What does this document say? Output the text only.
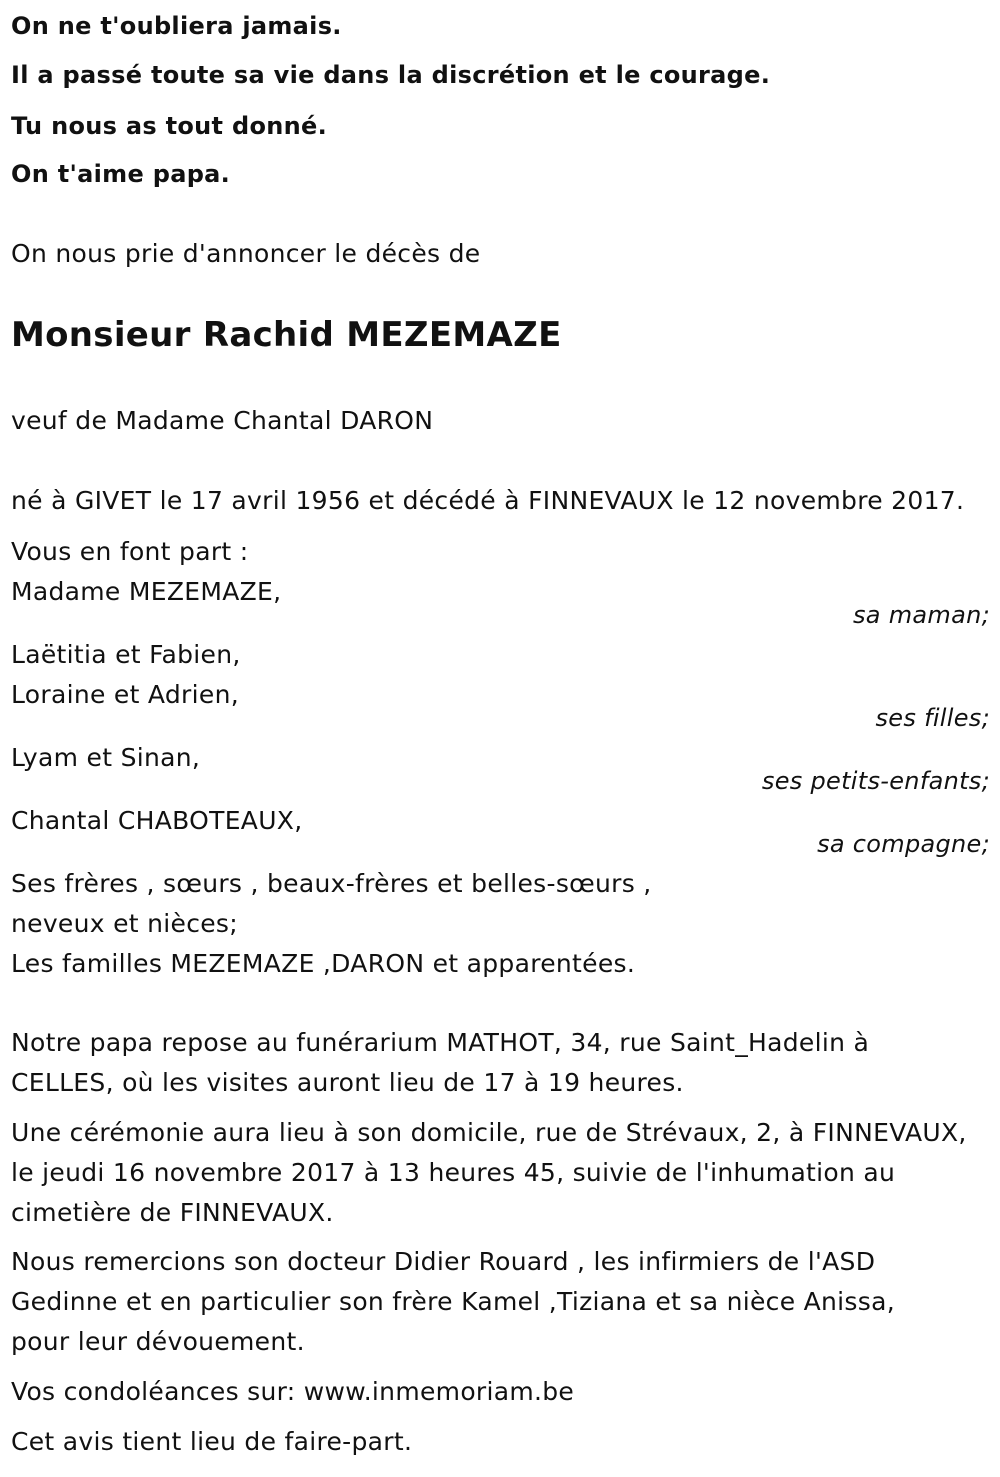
On ne t'oubliera jamais.
Il a passé toute sa vie dans la discrétion et le courage.
Tu nous as tout donné.
On t'aime papa.
On nous prie d'annoncer le décès de
Monsieur Rachid MEZEMAZE
veuf de Madame Chantal DARON
né à GIVET le 17 avril 1956 et décédé à FINNEVAUX le 12 novembre 2017.
Vous en font part :
Madame MEZEMAZE,
sa maman;
Laëtitia et Fabien,
Loraine et Adrien,
ses filles;
Lyam et Sinan,
ses petits-enfants;
Chantal CHABOTEAUX,
sa compagne;
Ses frères , sœurs , beaux-frères et belles-sœurs ,
neveux et nièces;
Les familles MEZEMAZE ,DARON et apparentées.
Notre papa repose au funérarium MATHOT, 34, rue Saint_Hadelin à
CELLES, où les visites auront lieu de 17 à 19 heures.
Une cérémonie aura lieu à son domicile, rue de Strévaux, 2, à FINNEVAUX,
le jeudi 16 novembre 2017 à 13 heures 45, suivie de l'inhumation au
cimetière de FINNEVAUX.
Nous remercions son docteur Didier Rouard , les infirmiers de l'ASD
Gedinne et en particulier son frère Kamel ,Tiziana et sa nièce Anissa,
pour leur dévouement.
Vos condoléances sur: www.inmemoriam.be
Cet avis tient lieu de faire-part.
